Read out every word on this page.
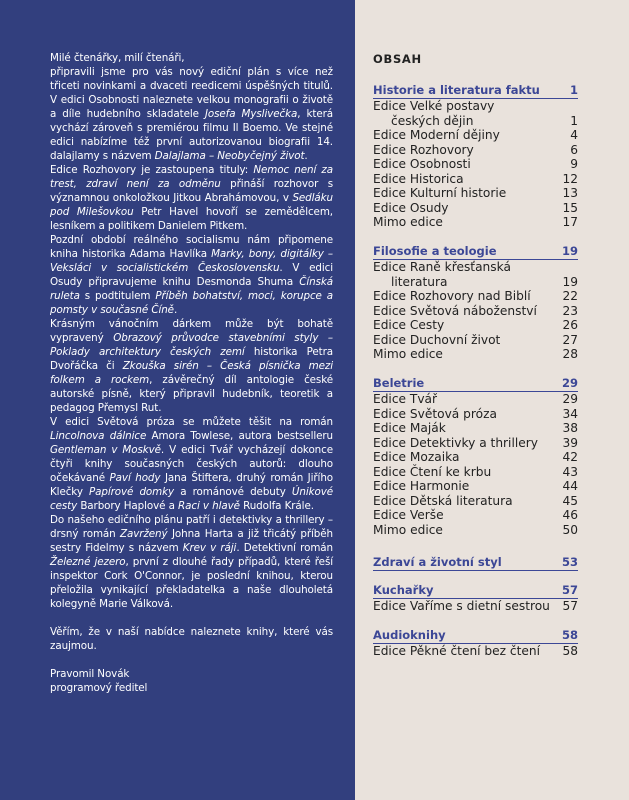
Milé čtenářky, milí čtenáři,

připravili jsme pro vás nový ediční plán s více než třiceti novinkami a dvaceti reedicemi úspěšných titulů. V edici Osobnosti naleznete velkou monografii o životě a díle hudebního skladatele Josefa Myslivečka, která vychází zároveň s premiérou filmu Il Boemo. Ve stejné edici nabízíme též první autorizovanou biografii 14. dalajlamy s názvem Dalajlama – Neobyčejný život.

Edice Rozhovory je zastoupena tituly: Nemoc není za trest, zdraví není za odměnu přináší rozhovor s významnou onkoložkou Jitkou Abrahámovou, v Sedláku pod Milešovkou Petr Havel hovoří se zemědělcem, lesníkem a politikem Danielem Pitkem.

Pozdní období reálného socialismu nám připomene kniha historika Adama Havlíka Marky, bony, digitálky – Veksláci v socialistickém Československu. V edici Osudy připravujeme knihu Desmonda Shuma Čínská ruleta s podtitulem Příběh bohatství, moci, korupce a pomsty v současné Číně.

Krásným vánočním dárkem může být bohatě vypravený Obrazový průvodce stavebními styly – Poklady architektury českých zemí historika Petra Dvořáčka či Zkouška sirén – Česká písnička mezi folkem a rockem, závěrečný díl antologie české autorské písně, který připravil hudebník, teoretik a pedagog Přemysl Rut.

V edici Světová próza se můžete těšit na román Lincolnova dálnice Amora Towlese, autora bestselleru Gentleman v Moskvě. V edici Tvář vycházejí dokonce čtyři knihy současných českých autorů: dlouho očekávané Paví hody Jana Štiftera, druhý román Jiřího Klečky Papírové domky a románové debuty Únikové cesty Barbory Haplové a Raci v hlavě Rudolfa Krále.

Do našeho edičního plánu patří i detektivky a thrillery – drsný román Zavržený Johna Harta a již třicátý příběh sestry Fidelmy s názvem Krev v ráji. Detektivní román Železné jezero, první z dlouhé řady případů, které řeší inspektor Cork O'Connor, je poslední knihou, kterou přeložila vynikající překladatelka a naše dlouholetá kolegyně Marie Válková.

Věřím, že v naší nabídce naleznete knihy, které vás zaujmou.

Pravomil Novák

programový ředitel

OBSAH
Historie a literatura faktu	1
Edice Velké postavy
českých dějin	1
Edice Moderní dějiny	4
Edice Rozhovory	6
Edice Osobnosti	9
Edice Historica	12
Edice Kulturní historie	13
Edice Osudy	15
Mimo edice	17
Filosofie a teologie	19
Edice Raně křesťanská
literatura	19
Edice Rozhovory nad Biblí	22
Edice Světová náboženství	23
Edice Cesty	26
Edice Duchovní život	27
Mimo edice	28
Beletrie	29
Edice Tvář	29
Edice Světová próza	34
Edice Maják	38
Edice Detektivky a thrillery	39
Edice Mozaika	42
Edice Čtení ke krbu	43
Edice Harmonie	44
Edice Dětská literatura	45
Edice Verše	46
Mimo edice	50
Zdraví a životní styl	53
Kuchařky	57
Edice Vaříme s dietní sestrou	57
Audioknihy	58
Edice Pěkné čtení bez čtení	58
